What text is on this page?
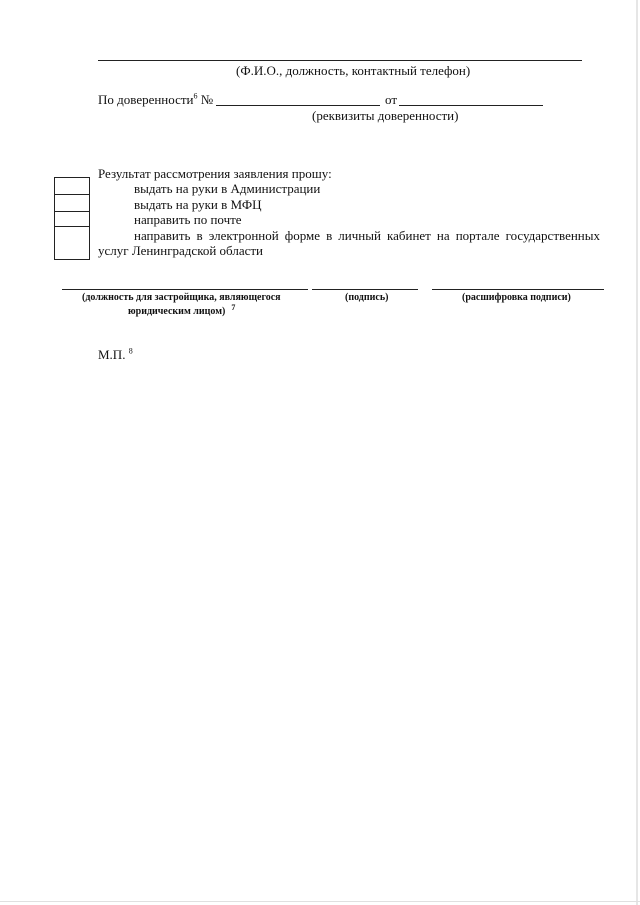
(Ф.И.О., должность, контактный телефон)
По доверенности$^6$ №	от
(реквизиты доверенности)
Результат рассмотрения заявления прошу:
выдать на руки в Администрации
выдать на руки в МФЦ
направить по почте
направить в электронной форме в личный кабинет на портале государственных
услуг Ленинградской области
(должность для застройщика, являющегося
юридическим лицом) $^7$
(подпись)	(расшифровка подписи)
М.П. $^8$
